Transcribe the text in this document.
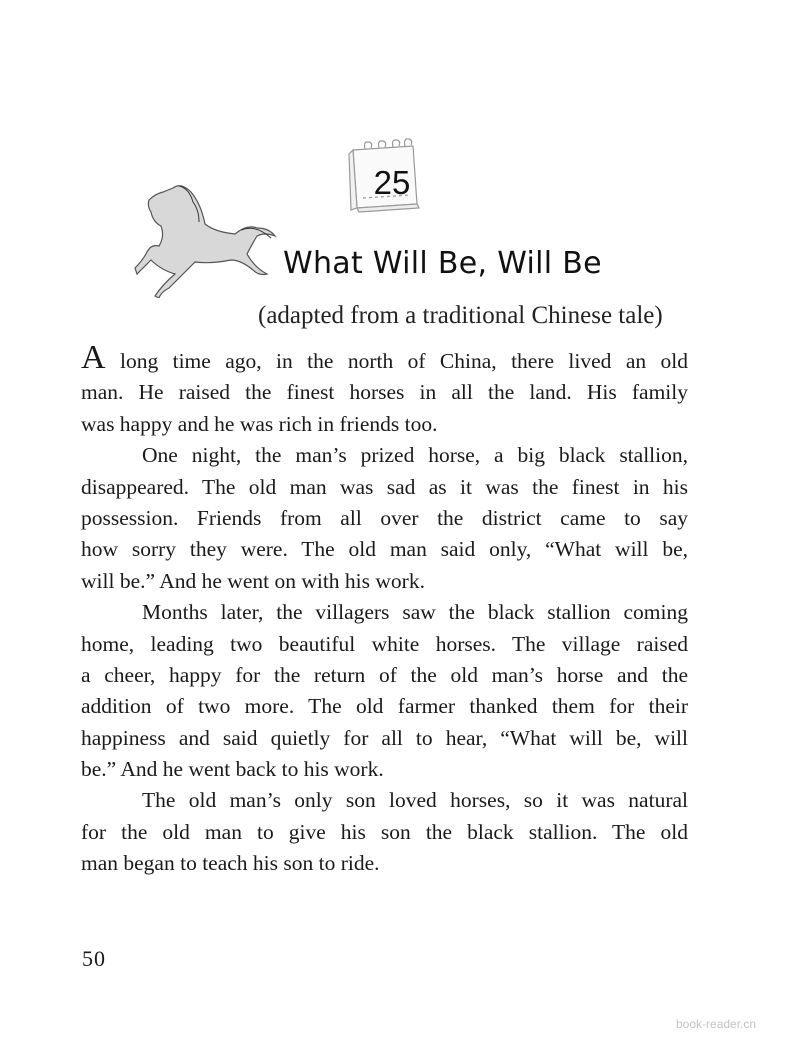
25
What Will Be, Will Be
(adapted from a traditional Chinese tale)
A long time ago, in the north of China, there lived an old
man. He raised the finest horses in all the land. His family
was happy and he was rich in friends too.
One night, the man’s prized horse, a big black stallion,
disappeared. The old man was sad as it was the finest in his
possession. Friends from all over the district came to say
how sorry they were. The old man said only, “What will be,
will be.” And he went on with his work.
Months later, the villagers saw the black stallion coming
home, leading two beautiful white horses. The village raised
a cheer, happy for the return of the old man’s horse and the
addition of two more. The old farmer thanked them for their
happiness and said quietly for all to hear, “What will be, will
be.” And he went back to his work.
The old man’s only son loved horses, so it was natural
for the old man to give his son the black stallion. The old
man began to teach his son to ride.
50
book-reader.cn
